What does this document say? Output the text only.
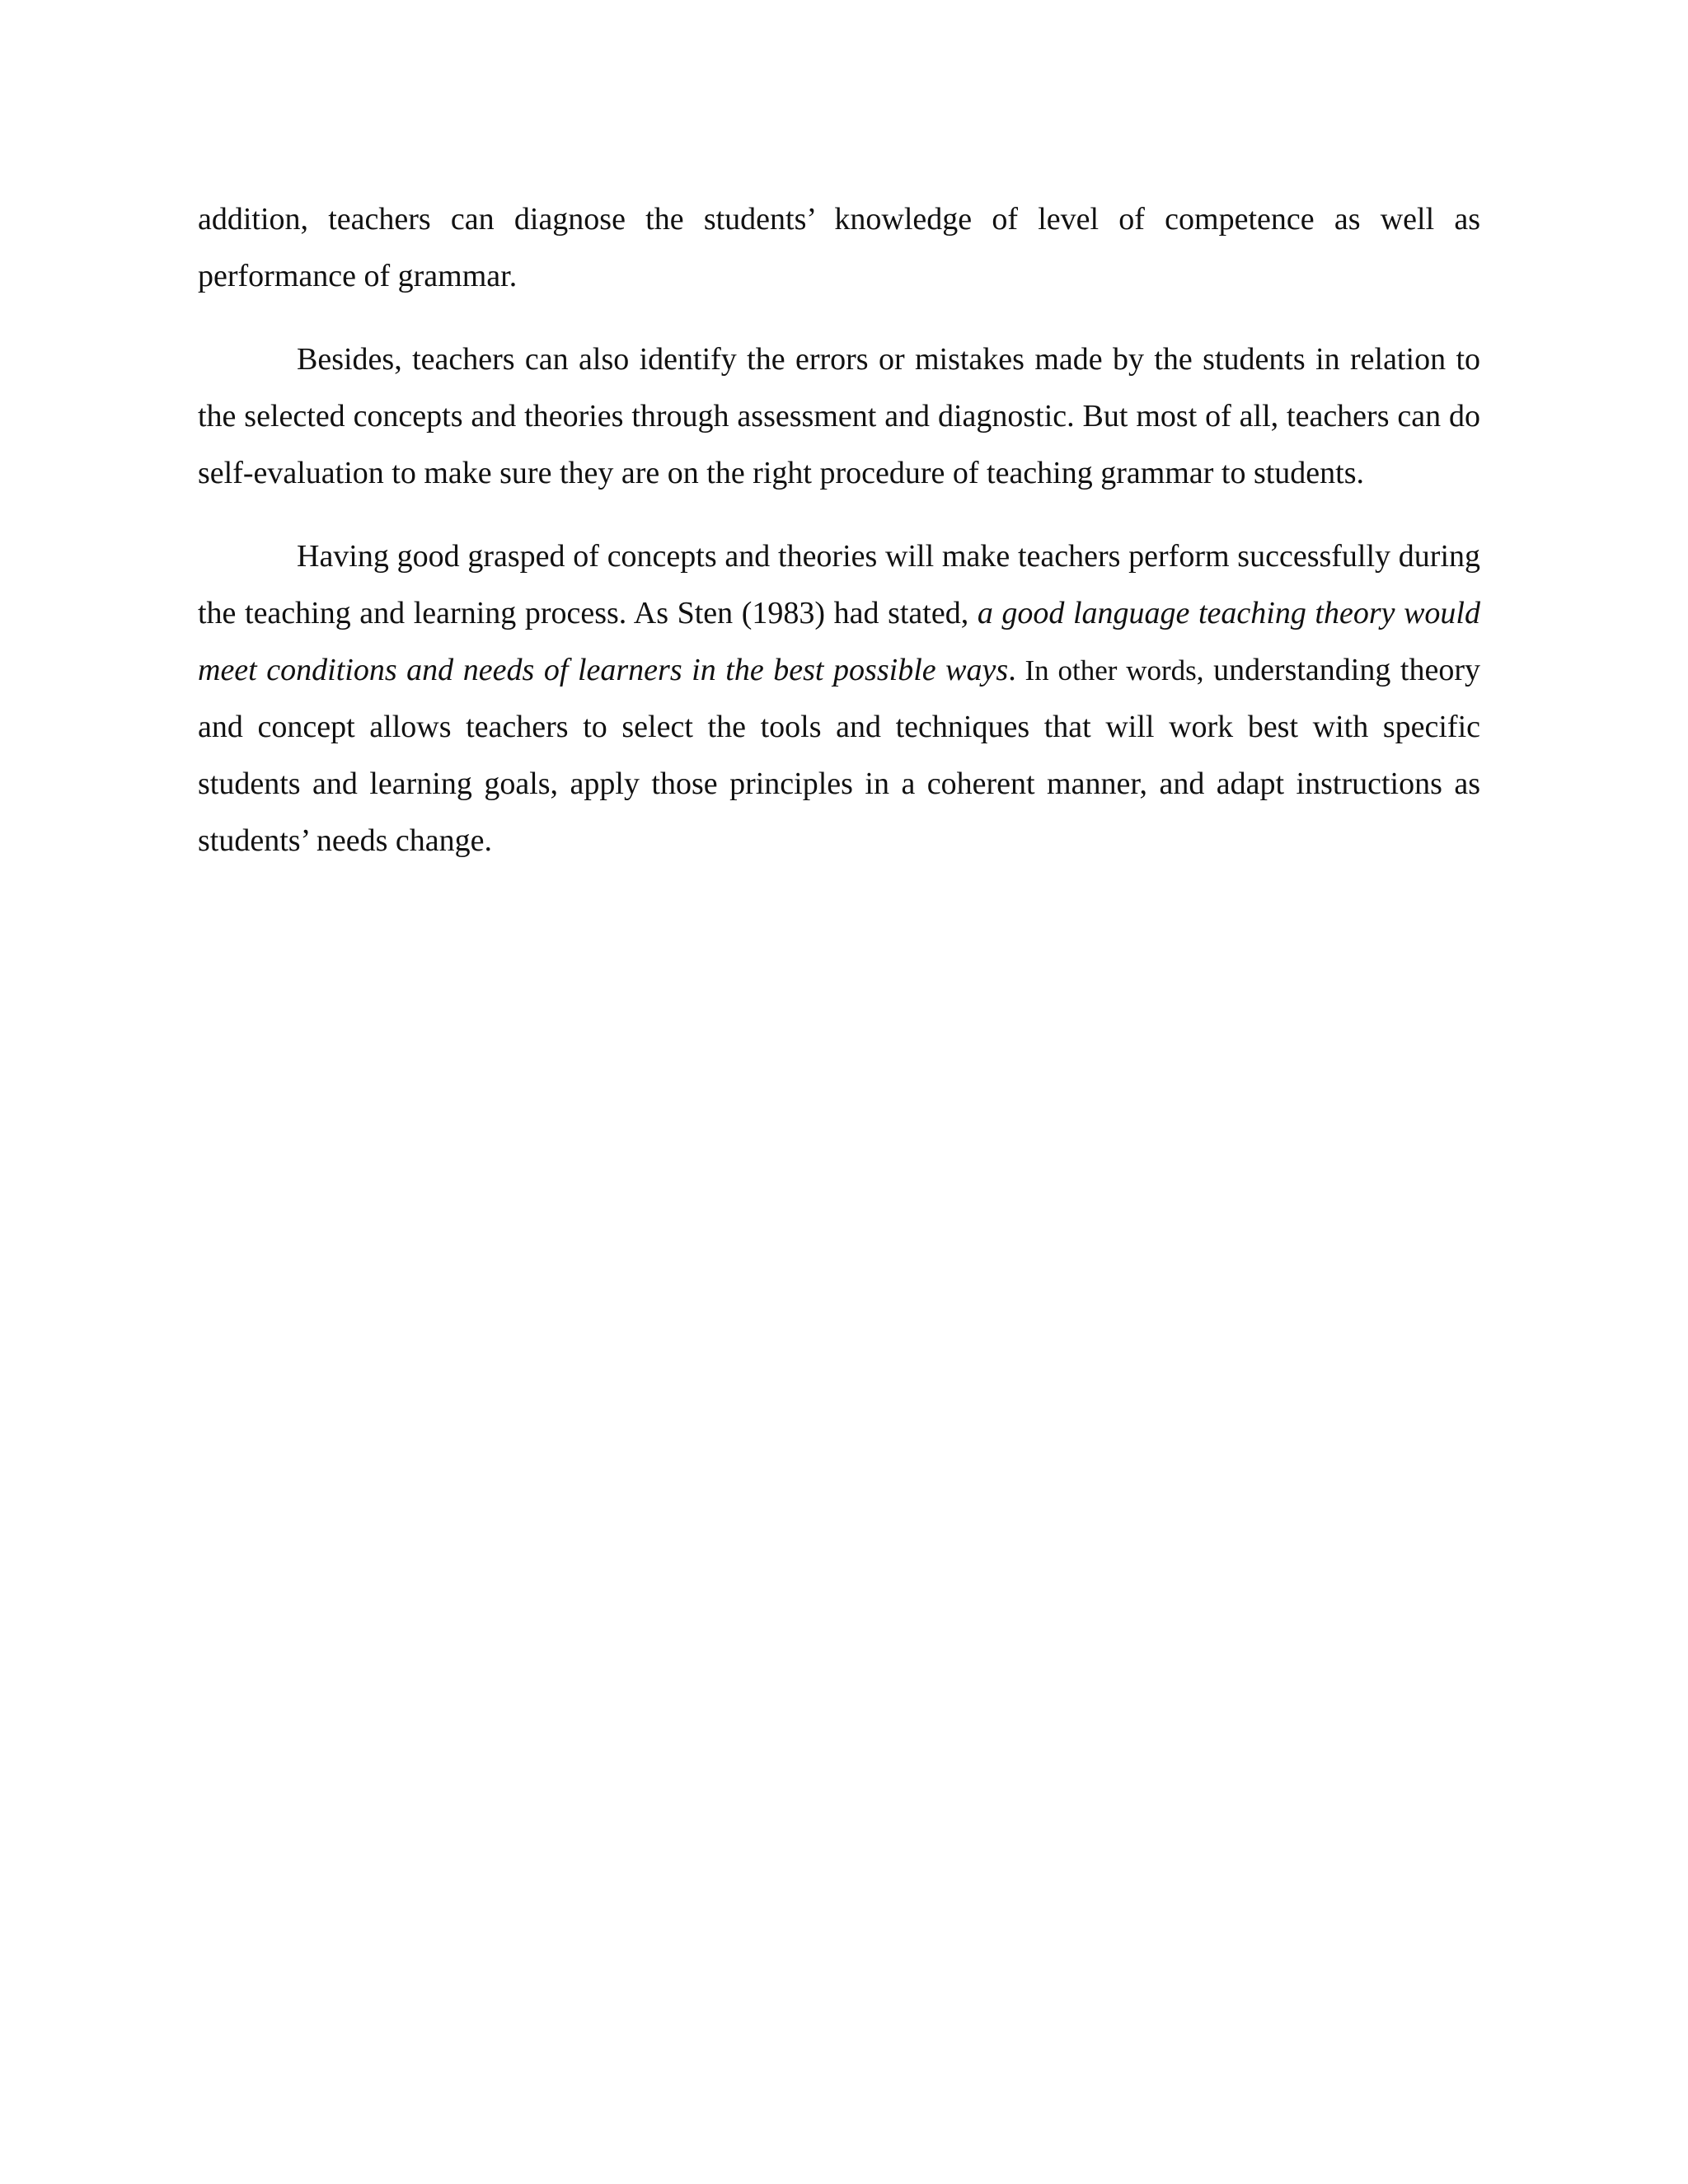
addition, teachers can diagnose the students’ knowledge of level of competence as well as performance of grammar.

Besides, teachers can also identify the errors or mistakes made by the students in relation to the selected concepts and theories through assessment and diagnostic. But most of all, teachers can do self-evaluation to make sure they are on the right procedure of teaching grammar to students.

Having good grasped of concepts and theories will make teachers perform successfully during the teaching and learning process. As Sten (1983) had stated, a good language teaching theory would meet conditions and needs of learners in the best possible ways. In other words, understanding theory and concept allows teachers to select the tools and techniques that will work best with specific students and learning goals, apply those principles in a coherent manner, and adapt instructions as students’ needs change.
